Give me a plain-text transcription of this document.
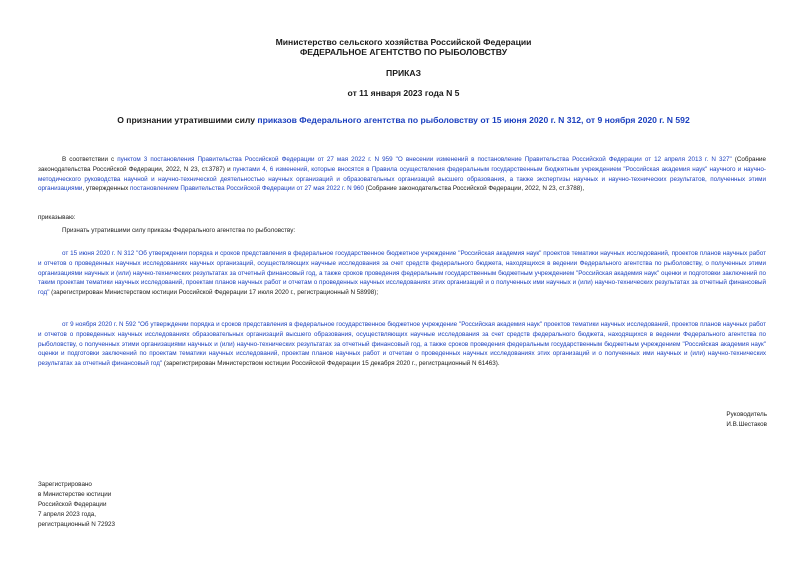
Министерство сельского хозяйства Российской Федерации
ФЕДЕРАЛЬНОЕ АГЕНТСТВО ПО РЫБОЛОВСТВУ
ПРИКАЗ
от 11 января 2023 года N 5
О признании утратившими силу приказов Федерального агентства по рыболовству от 15 июня 2020 г. N 312, от 9 ноября 2020 г. N 592

В соответствии с пунктом 3 постановления Правительства Российской Федерации от 27 мая 2022 г. N 959 "О внесении изменений в постановление Правительства Российской Федерации от 12 апреля 2013 г. N 327" (Собрание законодательства Российской Федерации, 2022, N 23, ст.3787) и пунктами 4, 6 изменений, которые вносятся в Правила осуществления федеральным государственным бюджетным учреждением "Российская академия наук" научного и научно-методического руководства научной и научно-технической деятельностью научных организаций и образовательных организаций высшего образования, а также экспертизы научных и научно-технических результатов, полученных этими организациями, утвержденных постановлением Правительства Российской Федерации от 27 мая 2022 г. N 960 (Собрание законодательства Российской Федерации, 2022, N 23, ст.3788),

приказываю:

Признать утратившими силу приказы Федерального агентства по рыболовству:

от 15 июня 2020 г. N 312 "Об утверждении порядка и сроков представления в федеральное государственное бюджетное учреждение "Российская академия наук" проектов тематики научных исследований, проектов планов научных работ и отчетов о проведенных научных исследованиях научных организаций, осуществляющих научные исследования за счет средств федерального бюджета, находящихся в ведении Федерального агентства по рыболовству, о полученных этими организациями научных и (или) научно-технических результатах за отчетный финансовый год, а также сроков проведения федеральным государственным бюджетным учреждением "Российская академия наук" оценки и подготовки заключений по таким проектам тематики научных исследований, проектам планов научных работ и отчетам о проведенных научных исследованиях этих организаций и о полученных ими научных и (или) научно-технических результатах за отчетный финансовый год" (зарегистрирован Министерством юстиции Российской Федерации 17 июля 2020 г., регистрационный N 58998);

от 9 ноября 2020 г. N 592 "Об утверждении порядка и сроков представления в федеральное государственное бюджетное учреждение "Российская академия наук" проектов тематики научных исследований, проектов планов научных работ и отчетов о проведенных научных исследованиях образовательных организаций высшего образования, осуществляющих научные исследования за счет средств федерального бюджета, находящихся в ведении Федерального агентства по рыболовству, о полученных этими организациями научных и (или) научно-технических результатах за отчетный финансовый год, а также сроков проведения федеральным государственным бюджетным учреждением "Российская академия наук" оценки и подготовки заключений по проектам тематики научных исследований, проектам планов научных работ и отчетам о проведенных научных исследованиях этих организаций и о полученных ими научных и (или) научно-технических результатах за отчетный финансовый год" (зарегистрирован Министерством юстиции Российской Федерации 15 декабря 2020 г., регистрационный N 61463).

Руководитель
И.В.Шестаков
Зарегистрировано
в Министерстве юстиции
Российской Федерации
7 апреля 2023 года,
регистрационный N 72923
